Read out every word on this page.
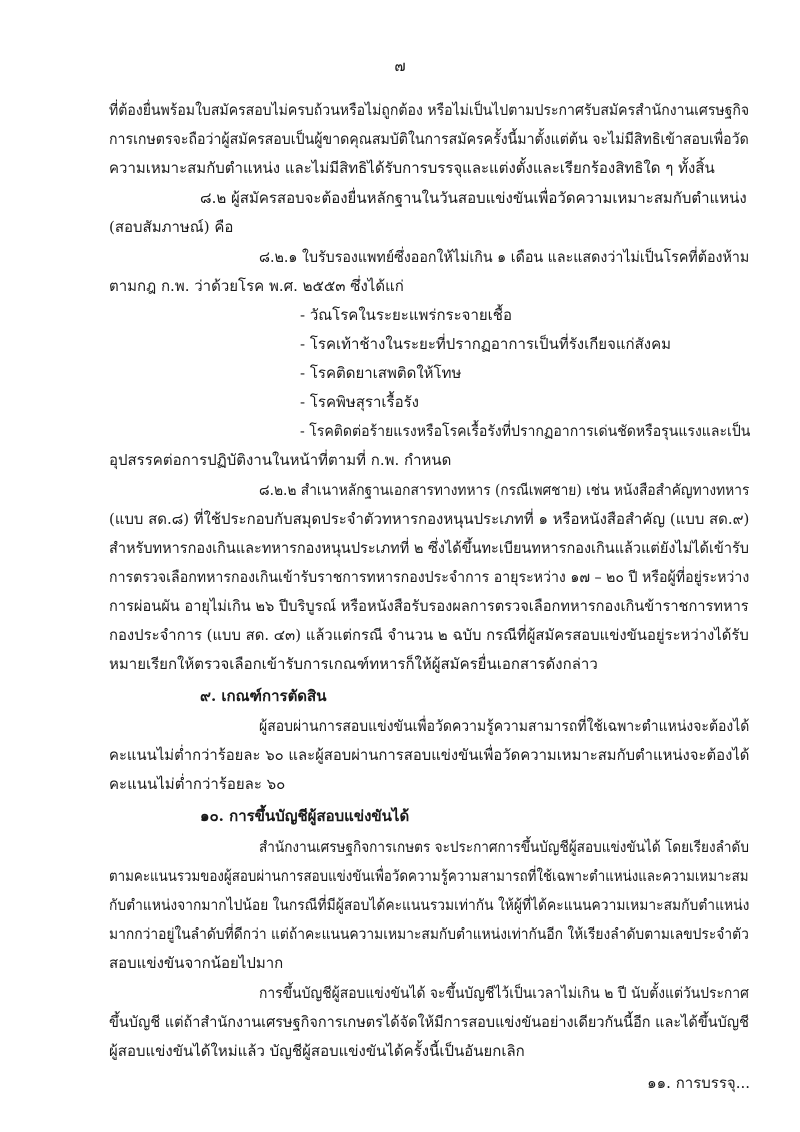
๗
ที่ต้องยื่นพร้อมใบสมัครสอบไม่ครบถ้วนหรือไม่ถูกต้อง หรือไม่เป็นไปตามประกาศรับสมัครสำนักงานเศรษฐกิจ
การเกษตรจะถือว่าผู้สมัครสอบเป็นผู้ขาดคุณสมบัติในการสมัครครั้งนี้มาตั้งแต่ต้น จะไม่มีสิทธิเข้าสอบเพื่อวัด
ความเหมาะสมกับตำแหน่ง และไม่มีสิทธิได้รับการบรรจุและแต่งตั้งและเรียกร้องสิทธิใด ๆ ทั้งสิ้น
๘.๒ ผู้สมัครสอบจะต้องยื่นหลักฐานในวันสอบแข่งขันเพื่อวัดความเหมาะสมกับตำแหน่ง
(สอบสัมภาษณ์) คือ
๘.๒.๑ ใบรับรองแพทย์ซึ่งออกให้ไม่เกิน ๑ เดือน และแสดงว่าไม่เป็นโรคที่ต้องห้าม
ตามกฎ ก.พ. ว่าด้วยโรค พ.ศ. ๒๕๕๓ ซึ่งได้แก่
- วัณโรคในระยะแพร่กระจายเชื้อ
- โรคเท้าช้างในระยะที่ปรากฏอาการเป็นที่รังเกียจแก่สังคม
- โรคติดยาเสพติดให้โทษ
- โรคพิษสุราเรื้อรัง
- โรคติดต่อร้ายแรงหรือโรคเรื้อรังที่ปรากฏอาการเด่นชัดหรือรุนแรงและเป็น
อุปสรรคต่อการปฏิบัติงานในหน้าที่ตามที่ ก.พ. กำหนด
๘.๒.๒ สำเนาหลักฐานเอกสารทางทหาร (กรณีเพศชาย) เช่น หนังสือสำคัญทางทหาร
(แบบ สด.๘) ที่ใช้ประกอบกับสมุดประจำตัวทหารกองหนุนประเภทที่ ๑ หรือหนังสือสำคัญ (แบบ สด.๙)
สำหรับทหารกองเกินและทหารกองหนุนประเภทที่ ๒ ซึ่งได้ขึ้นทะเบียนทหารกองเกินแล้วแต่ยังไม่ได้เข้ารับ
การตรวจเลือกทหารกองเกินเข้ารับราชการทหารกองประจำการ อายุระหว่าง ๑๗ – ๒๐ ปี หรือผู้ที่อยู่ระหว่าง
การผ่อนผัน อายุไม่เกิน ๒๖ ปีบริบูรณ์ หรือหนังสือรับรองผลการตรวจเลือกทหารกองเกินข้าราชการทหาร
กองประจำการ (แบบ สด. ๔๓) แล้วแต่กรณี จำนวน ๒ ฉบับ กรณีที่ผู้สมัครสอบแข่งขันอยู่ระหว่างได้รับ
หมายเรียกให้ตรวจเลือกเข้ารับการเกณฑ์ทหารก็ให้ผู้สมัครยื่นเอกสารดังกล่าว
๙. เกณฑ์การตัดสิน
ผู้สอบผ่านการสอบแข่งขันเพื่อวัดความรู้ความสามารถที่ใช้เฉพาะตำแหน่งจะต้องได้
คะแนนไม่ต่ำกว่าร้อยละ ๖๐ และผู้สอบผ่านการสอบแข่งขันเพื่อวัดความเหมาะสมกับตำแหน่งจะต้องได้
คะแนนไม่ต่ำกว่าร้อยละ ๖๐
๑๐. การขึ้นบัญชีผู้สอบแข่งขันได้
สำนักงานเศรษฐกิจการเกษตร จะประกาศการขึ้นบัญชีผู้สอบแข่งขันได้ โดยเรียงลำดับ
ตามคะแนนรวมของผู้สอบผ่านการสอบแข่งขันเพื่อวัดความรู้ความสามารถที่ใช้เฉพาะตำแหน่งและความเหมาะสม
กับตำแหน่งจากมากไปน้อย ในกรณีที่มีผู้สอบได้คะแนนรวมเท่ากัน ให้ผู้ที่ได้คะแนนความเหมาะสมกับตำแหน่ง
มากกว่าอยู่ในลำดับที่ดีกว่า แต่ถ้าคะแนนความเหมาะสมกับตำแหน่งเท่ากันอีก ให้เรียงลำดับตามเลขประจำตัว
สอบแข่งขันจากน้อยไปมาก
การขึ้นบัญชีผู้สอบแข่งขันได้ จะขึ้นบัญชีไว้เป็นเวลาไม่เกิน ๒ ปี นับตั้งแต่วันประกาศ
ขึ้นบัญชี แต่ถ้าสำนักงานเศรษฐกิจการเกษตรได้จัดให้มีการสอบแข่งขันอย่างเดียวกันนี้อีก และได้ขึ้นบัญชี
ผู้สอบแข่งขันได้ใหม่แล้ว บัญชีผู้สอบแข่งขันได้ครั้งนี้เป็นอันยกเลิก
๑๑. การบรรจุ...
